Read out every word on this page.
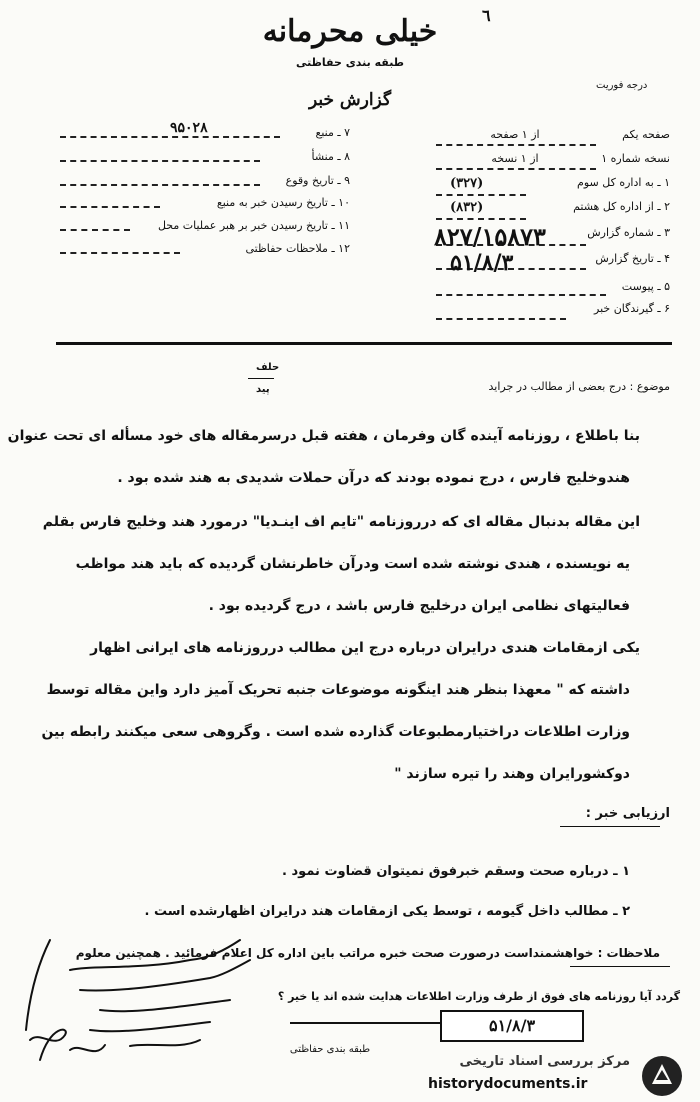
٦
خیلی محرمانه
طبقه بندی حفاظتی
گزارش خبر
درجه فوریت
۹۵۰۲۸	۷ ـ منبع
۸ ـ منشأ
۹ ـ تاریخ وقوع
۱۰ ـ تاریخ رسیدن خبر به منبع
۱۱ ـ تاریخ رسیدن خبر بر هبر عملیات محل
۱۲ ـ ملاحظات حفاظتی
از ۱ صفحه	صفحه یکم
از ۱ نسخه	نسخه شماره ۱
(۳۲۷)	۱ ـ به اداره کل سوم
(۸۳۲)	۲ ـ از اداره کل هشتم
۸۲۷/۱۵۸۷۳	۳ ـ شماره گزارش
۵۱/۸/۳	۴ ـ تاریخ گزارش
۵ ـ پیوست
۶ ـ گیرندگان خبر
حلف
پید	موضوع : درج بعضی از مطالب در جراید
بنا باطلاع ، روزنامه آینده گان وفرمان ، هفته قبل درسرمقاله های خود مسأله ای تحت عنوان
هندوخلیج فارس ، درج نموده بودند که درآن حملات شدیدی به هند شده بود .
این مقاله بدنبال مقاله ای که درروزنامه "تایم اف اینـدیا" درمورد هند وخلیج فارس بقلم
یه نویسنده ، هندی نوشته شده است ودرآن خاطرنشان گردیده که باید هند مواظب
فعالیتهای نظامی ایران درخلیج فارس باشد ، درج گردیده بود .
یکی ازمقامات هندی درایران درباره درج این مطالب درروزنامه های ایرانی اظهار
داشته که " معهذا بنظر هند اینگونه موضوعات جنبه تحریک آمیز دارد واین مقاله توسط
وزارت اطلاعات دراختیارمطبوعات گذارده شده است . وگروهی سعی میکنند رابطه بین
دوکشورایران وهند را تیره سازند "
ارزیابی خبر :
۱ ـ درباره صحت وسقم خبرفوق نمیتوان قضاوت نمود .
۲ ـ مطالب داخل گیومه ، توسط یکی ازمقامات هند درایران اظهارشده است .
ملاحظات : خواهشمنداست درصورت صحت خبره مراتب باین اداره کل اعلام فرمائید . همچنین معلوم
گردد آیا روزنامه های فوق از طرف وزارت اطلاعات هدایت شده اند یا خیر ؟
۵۱/۸/۳
طبقه بندی حفاظتی
مرکز بررسی اسناد تاریخی
historydocuments.ir
